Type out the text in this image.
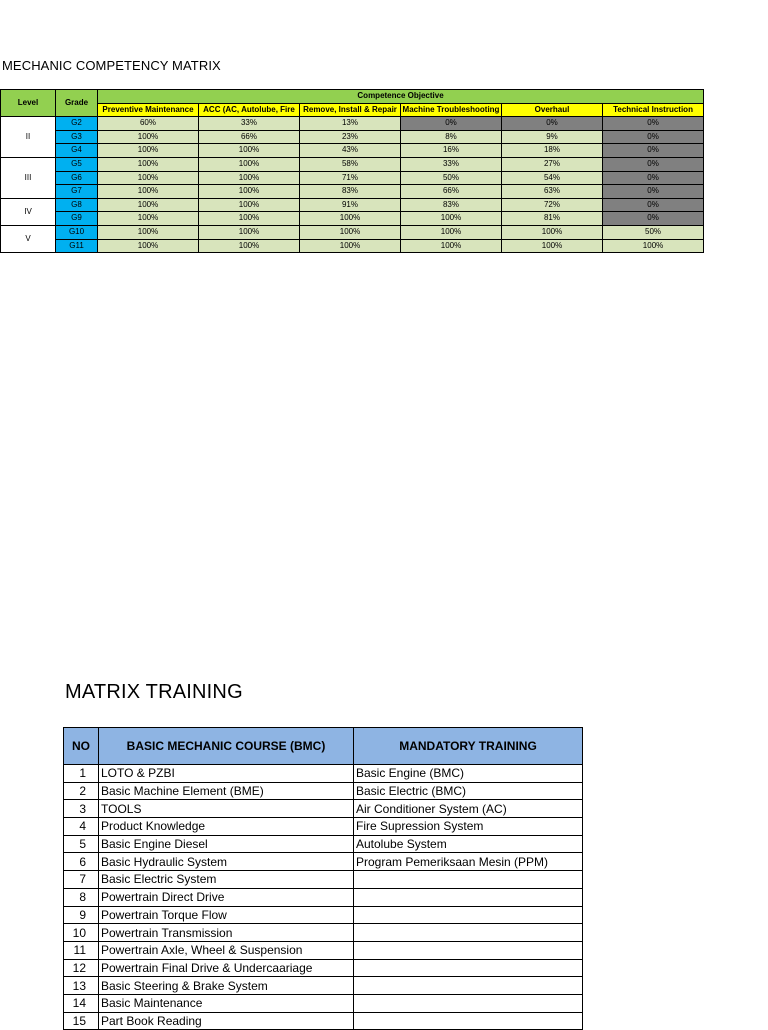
MECHANIC COMPETENCY MATRIX
Level	Grade	Competence Objective					
		Preventive Maintenance	ACC (AC, Autolube, Fire	Remove, Install & Repair	Machine Troubleshooting	Overhaul	Technical Instruction
II	G2	60%	33%	13%	0%	0%	0%
	G3	100%	66%	23%	8%	9%	0%
	G4	100%	100%	43%	16%	18%	0%
III	G5	100%	100%	58%	33%	27%	0%
	G6	100%	100%	71%	50%	54%	0%
	G7	100%	100%	83%	66%	63%	0%
IV	G8	100%	100%	91%	83%	72%	0%
	G9	100%	100%	100%	100%	81%	0%
V	G10	100%	100%	100%	100%	100%	50%
	G11	100%	100%	100%	100%	100%	100%
MATRIX TRAINING
NO	BASIC MECHANIC COURSE (BMC)	MANDATORY TRAINING
1	LOTO & PZBI	Basic Engine (BMC)
2	Basic Machine Element (BME)	Basic Electric (BMC)
3	TOOLS	Air Conditioner System (AC)
4	Product Knowledge	Fire Supression System
5	Basic Engine Diesel	Autolube System
6	Basic Hydraulic System	Program Pemeriksaan Mesin (PPM)
7	Basic Electric System	
8	Powertrain Direct Drive	
9	Powertrain Torque Flow	
10	Powertrain Transmission	
11	Powertrain Axle, Wheel & Suspension	
12	Powertrain Final Drive & Undercaariage	
13	Basic Steering & Brake System	
14	Basic Maintenance	
15	Part Book Reading	
